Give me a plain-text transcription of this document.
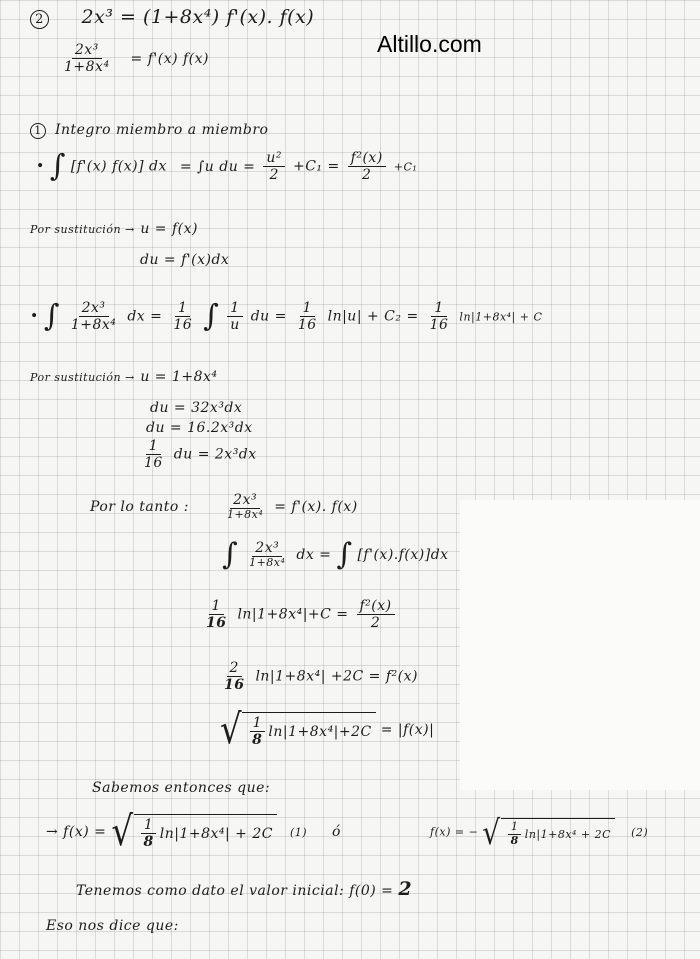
Altillo.com
2 2x³ = (1+8x⁴) f'(x). f(x)
$\frac{\text{2x³}}{\text{1+8x⁴}} = f'(x)$ f(x)
1 Integro miembro a miembro
• ∫ [f'(x) f(x)] dx = ∫u du = $\frac{\text{u²}}{2} +C_1 = \frac{\text{f²(x)}}{2} +C_1$
Por sustitución → u = f(x)
du = f'(x)dx
• ∫ $\frac{\text{2x³}}{\text{1+8x⁴}}$ dx = $\frac{1}{16}$ ∫ $\frac{1}{u}$ du = $\frac{1}{16} \ln|u| + C_2 = \frac{1}{16} \ln|1+8x^4| + C$
Por sustitución → u = 1+8x⁴
du = 32x³dx
du = 16.2x³dx
$\frac{1}{16}$ du = 2x³dx
Por lo tanto : $\frac{\text{2x³}}{\text{1+8x⁴}} = f'(x)$. f(x)
∫ $\frac{\text{2x³}}{\text{1+8x⁴}}$ dx = ∫ [f'(x).f(x)]dx
$\frac{1}{16} \ln|1+8x^4|+C = \frac{\text{f²(x)}}{2}$
$\frac{2}{16} \ln|1+8x^4| +2C = f^2(x)$
√ $\frac{1}{8} \ln|1+8x^4|+2C = |f(x)|$
Sabemos entonces que:
→ f(x) = √ $\frac{1}{8} \ln|1+8x^4| + 2C$ (1) ó	f(x) = − √ $\frac{1}{8} \ln|1+8x^4 + 2C$ (2)
Tenemos como dato el valor inicial: f(0) = 2
Eso nos dice que:
